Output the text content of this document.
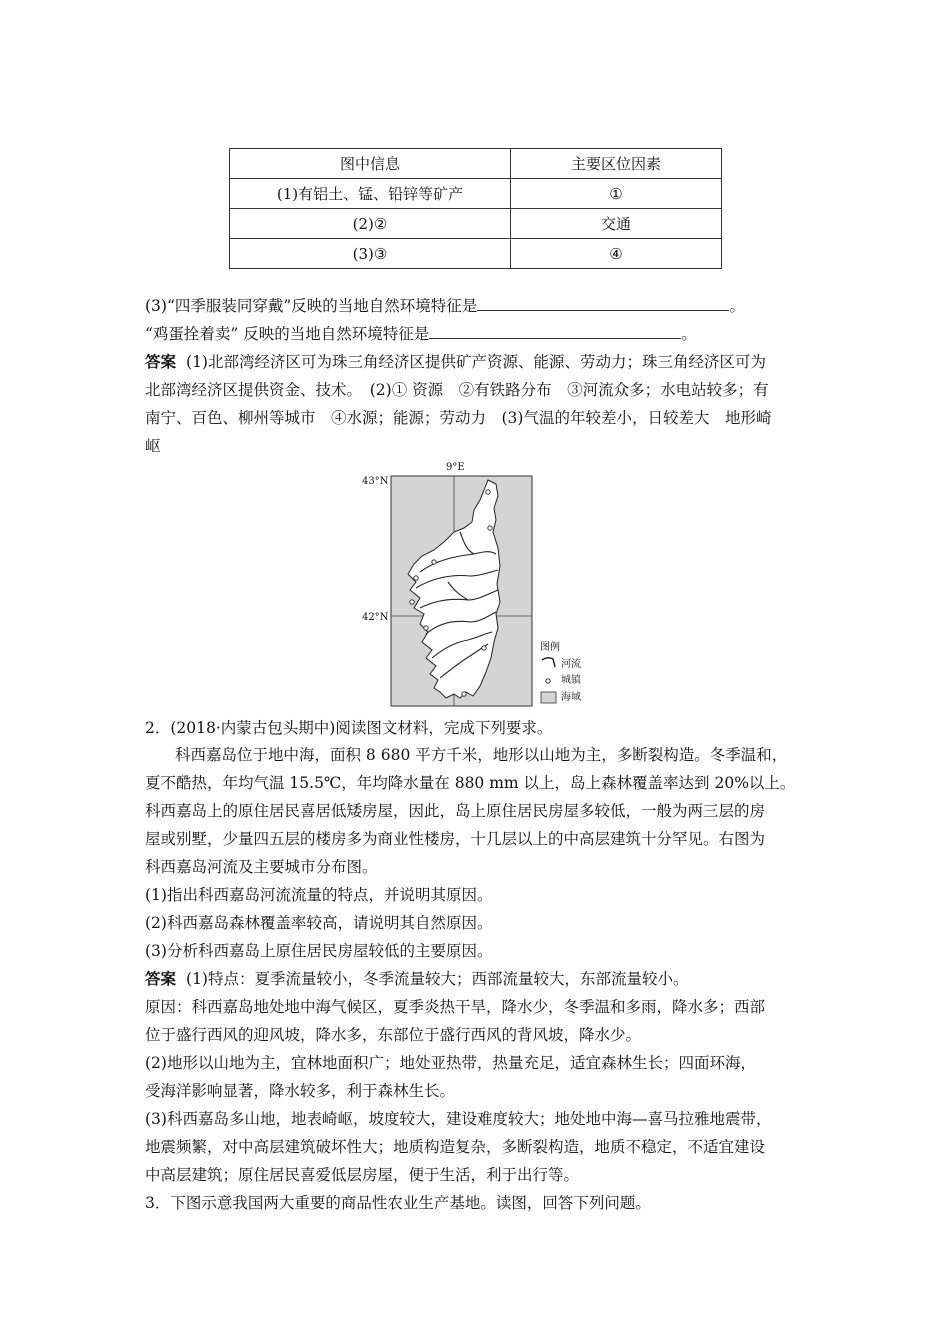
图中信息	主要区位因素
(1)有铝土、锰、铅锌等矿产	①
(2)②	交通
(3)③	④
(3)“四季服装同穿戴”反映的当地自然环境特征是	。
“鸡蛋拴着卖” 反映的当地自然环境特征是	。
答案 (1)北部湾经济区可为珠三角经济区提供矿产资源、能源、劳动力；珠三角经济区可为
北部湾经济区提供资金、技术。　(2)① 资源　②有铁路分布　③河流众多；水电站较多；有
南宁、百色、柳州等城市　④水源；能源；劳动力　(3)气温的年较差小，日较差大　地形崎
岖
9°E
43°N
42°N
图例
河流
城镇
海域
2．(2018·内蒙古包头期中)阅读图文材料，完成下列要求。
科西嘉岛位于地中海，面积 8 680 平方千米，地形以山地为主，多断裂构造。冬季温和，
夏不酷热，年均气温 15.5℃，年均降水量在 880 mm 以上，岛上森林覆盖率达到 20%以上。
科西嘉岛上的原住居民喜居低矮房屋，因此，岛上原住居民房屋多较低，一般为两三层的房
屋或别墅，少量四五层的楼房多为商业性楼房，十几层以上的中高层建筑十分罕见。右图为
科西嘉岛河流及主要城市分布图。
(1)指出科西嘉岛河流流量的特点，并说明其原因。
(2)科西嘉岛森林覆盖率较高，请说明其自然原因。
(3)分析科西嘉岛上原住居民房屋较低的主要原因。
答案 (1)特点：夏季流量较小，冬季流量较大；西部流量较大，东部流量较小。
原因：科西嘉岛地处地中海气候区，夏季炎热干旱，降水少，冬季温和多雨，降水多；西部
位于盛行西风的迎风坡，降水多，东部位于盛行西风的背风坡，降水少。
(2)地形以山地为主，宜林地面积广；地处亚热带，热量充足，适宜森林生长；四面环海，
受海洋影响显著，降水较多，利于森林生长。
(3)科西嘉岛多山地，地表崎岖，坡度较大，建设难度较大；地处地中海—喜马拉雅地震带，
地震频繁，对中高层建筑破坏性大；地质构造复杂，多断裂构造，地质不稳定，不适宜建设
中高层建筑；原住居民喜爱低层房屋，便于生活，利于出行等。
3．下图示意我国两大重要的商品性农业生产基地。读图，回答下列问题。
